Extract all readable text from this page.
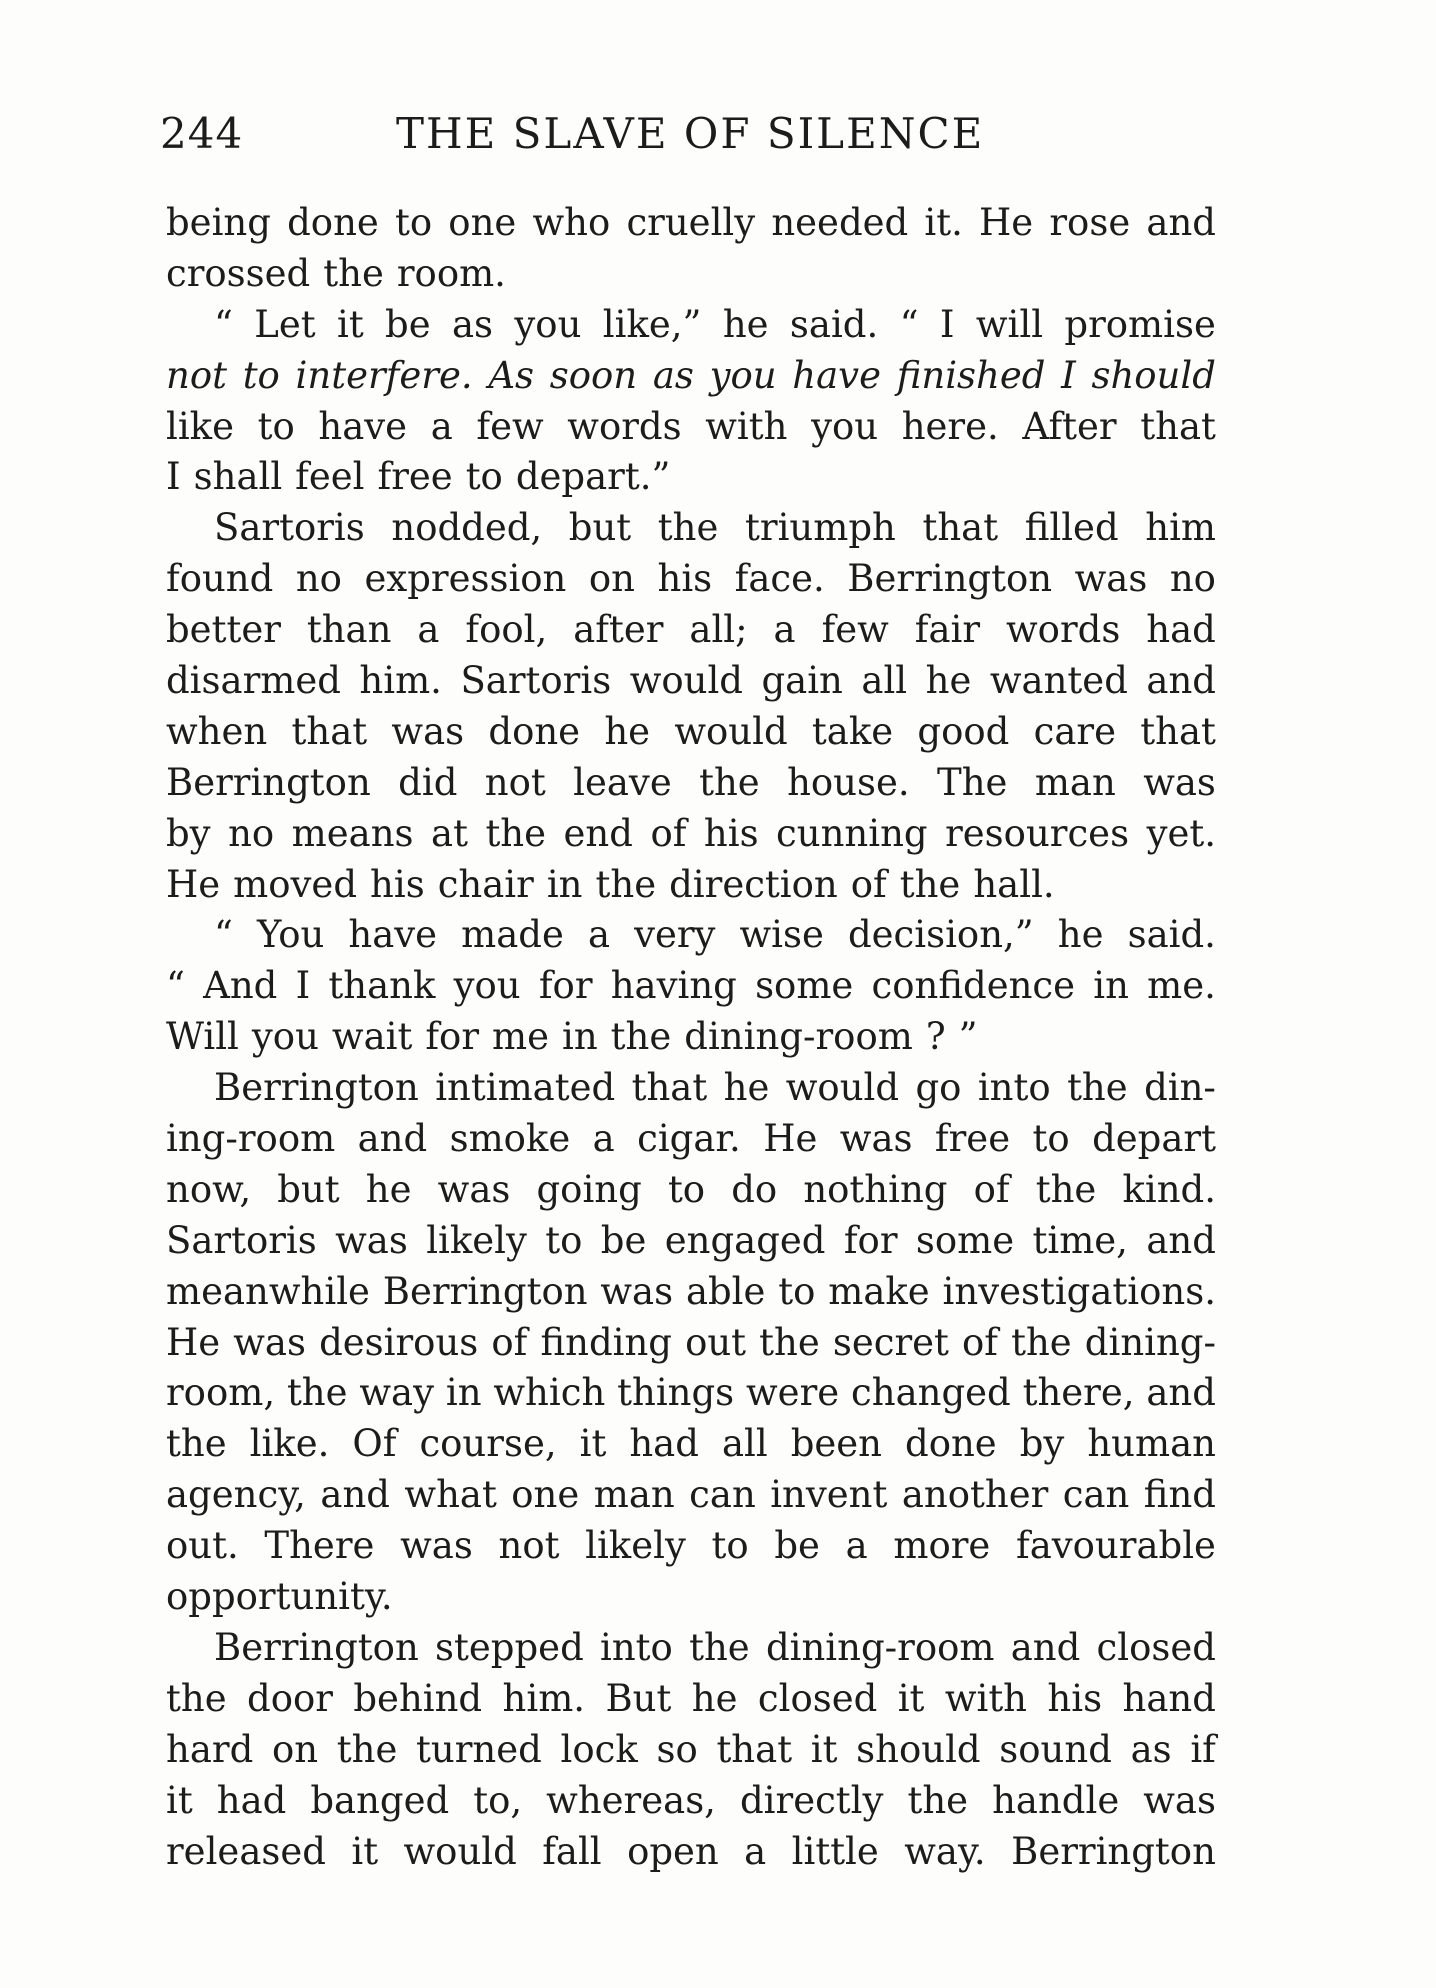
244	THE SLAVE OF SILENCE
being done to one who cruelly needed it. He rose and
crossed the room.
“ Let it be as you like,” he said. “ I will promise
not to interfere. As soon as you have finished I should
like to have a few words with you here. After that
I shall feel free to depart.”
Sartoris nodded, but the triumph that filled him
found no expression on his face. Berrington was no
better than a fool, after all; a few fair words had
disarmed him. Sartoris would gain all he wanted and
when that was done he would take good care that
Berrington did not leave the house. The man was
by no means at the end of his cunning resources yet.
He moved his chair in the direction of the hall.
“ You have made a very wise decision,” he said.
“ And I thank you for having some confidence in me.
Will you wait for me in the dining-room ? ”
Berrington intimated that he would go into the din-
ing-room and smoke a cigar. He was free to depart
now, but he was going to do nothing of the kind.
Sartoris was likely to be engaged for some time, and
meanwhile Berrington was able to make investigations.
He was desirous of finding out the secret of the dining-
room, the way in which things were changed there, and
the like. Of course, it had all been done by human
agency, and what one man can invent another can find
out. There was not likely to be a more favourable
opportunity.
Berrington stepped into the dining-room and closed
the door behind him. But he closed it with his hand
hard on the turned lock so that it should sound as if
it had banged to, whereas, directly the handle was
released it would fall open a little way. Berrington
